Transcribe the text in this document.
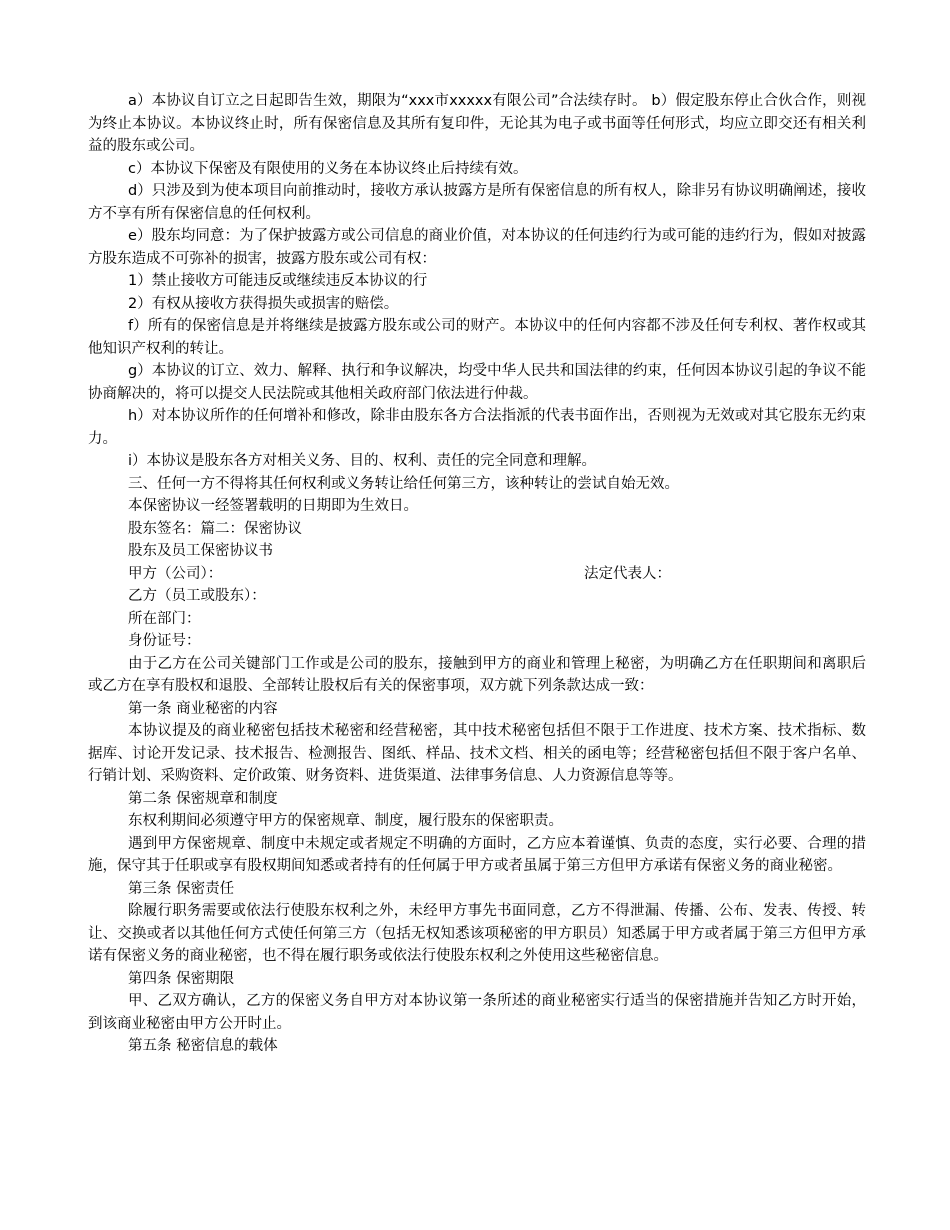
a）本协议自订立之日起即告生效，期限为“xxx市xxxxx有限公司”合法续存时。 b）假定股东停止合伙合作，则视为终止本协议。本协议终止时，所有保密信息及其所有复印件，无论其为电子或书面等任何形式，均应立即交还有相关利益的股东或公司。

c）本协议下保密及有限使用的义务在本协议终止后持续有效。

d）只涉及到为使本项目向前推动时，接收方承认披露方是所有保密信息的所有权人，除非另有协议明确阐述，接收方不享有所有保密信息的任何权利。

e）股东均同意：为了保护披露方或公司信息的商业价值，对本协议的任何违约行为或可能的违约行为，假如对披露方股东造成不可弥补的损害，披露方股东或公司有权：

1）禁止接收方可能违反或继续违反本协议的行

2）有权从接收方获得损失或损害的赔偿。

f）所有的保密信息是并将继续是披露方股东或公司的财产。本协议中的任何内容都不涉及任何专利权、著作权或其他知识产权利的转让。

g）本协议的订立、效力、解释、执行和争议解决，均受中华人民共和国法律的约束，任何因本协议引起的争议不能协商解决的，将可以提交人民法院或其他相关政府部门依法进行仲裁。

h）对本协议所作的任何增补和修改，除非由股东各方合法指派的代表书面作出，否则视为无效或对其它股东无约束力。

i）本协议是股东各方对相关义务、目的、权利、责任的完全同意和理解。

三、任何一方不得将其任何权利或义务转让给任何第三方，该种转让的尝试自始无效。

本保密协议一经签署载明的日期即为生效日。

股东签名：篇二：保密协议

股东及员工保密协议书

甲方（公司）：	法定代表人：

乙方（员工或股东）：

所在部门：

身份证号：

由于乙方在公司关键部门工作或是公司的股东，接触到甲方的商业和管理上秘密，为明确乙方在任职期间和离职后或乙方在享有股权和退股、全部转让股权后有关的保密事项，双方就下列条款达成一致：

第一条 商业秘密的内容

本协议提及的商业秘密包括技术秘密和经营秘密，其中技术秘密包括但不限于工作进度、技术方案、技术指标、数据库、讨论开发记录、技术报告、检测报告、图纸、样品、技术文档、相关的函电等；经营秘密包括但不限于客户名单、行销计划、采购资料、定价政策、财务资料、进货渠道、法律事务信息、人力资源信息等等。

第二条 保密规章和制度

东权利期间必须遵守甲方的保密规章、制度，履行股东的保密职责。

遇到甲方保密规章、制度中未规定或者规定不明确的方面时，乙方应本着谨慎、负责的态度，实行必要、合理的措施，保守其于任职或享有股权期间知悉或者持有的任何属于甲方或者虽属于第三方但甲方承诺有保密义务的商业秘密。

第三条 保密责任

除履行职务需要或依法行使股东权利之外，未经甲方事先书面同意，乙方不得泄漏、传播、公布、发表、传授、转让、交换或者以其他任何方式使任何第三方（包括无权知悉该项秘密的甲方职员）知悉属于甲方或者属于第三方但甲方承诺有保密义务的商业秘密，也不得在履行职务或依法行使股东权利之外使用这些秘密信息。

第四条 保密期限

甲、乙双方确认，乙方的保密义务自甲方对本协议第一条所述的商业秘密实行适当的保密措施并告知乙方时开始，到该商业秘密由甲方公开时止。

第五条 秘密信息的载体
